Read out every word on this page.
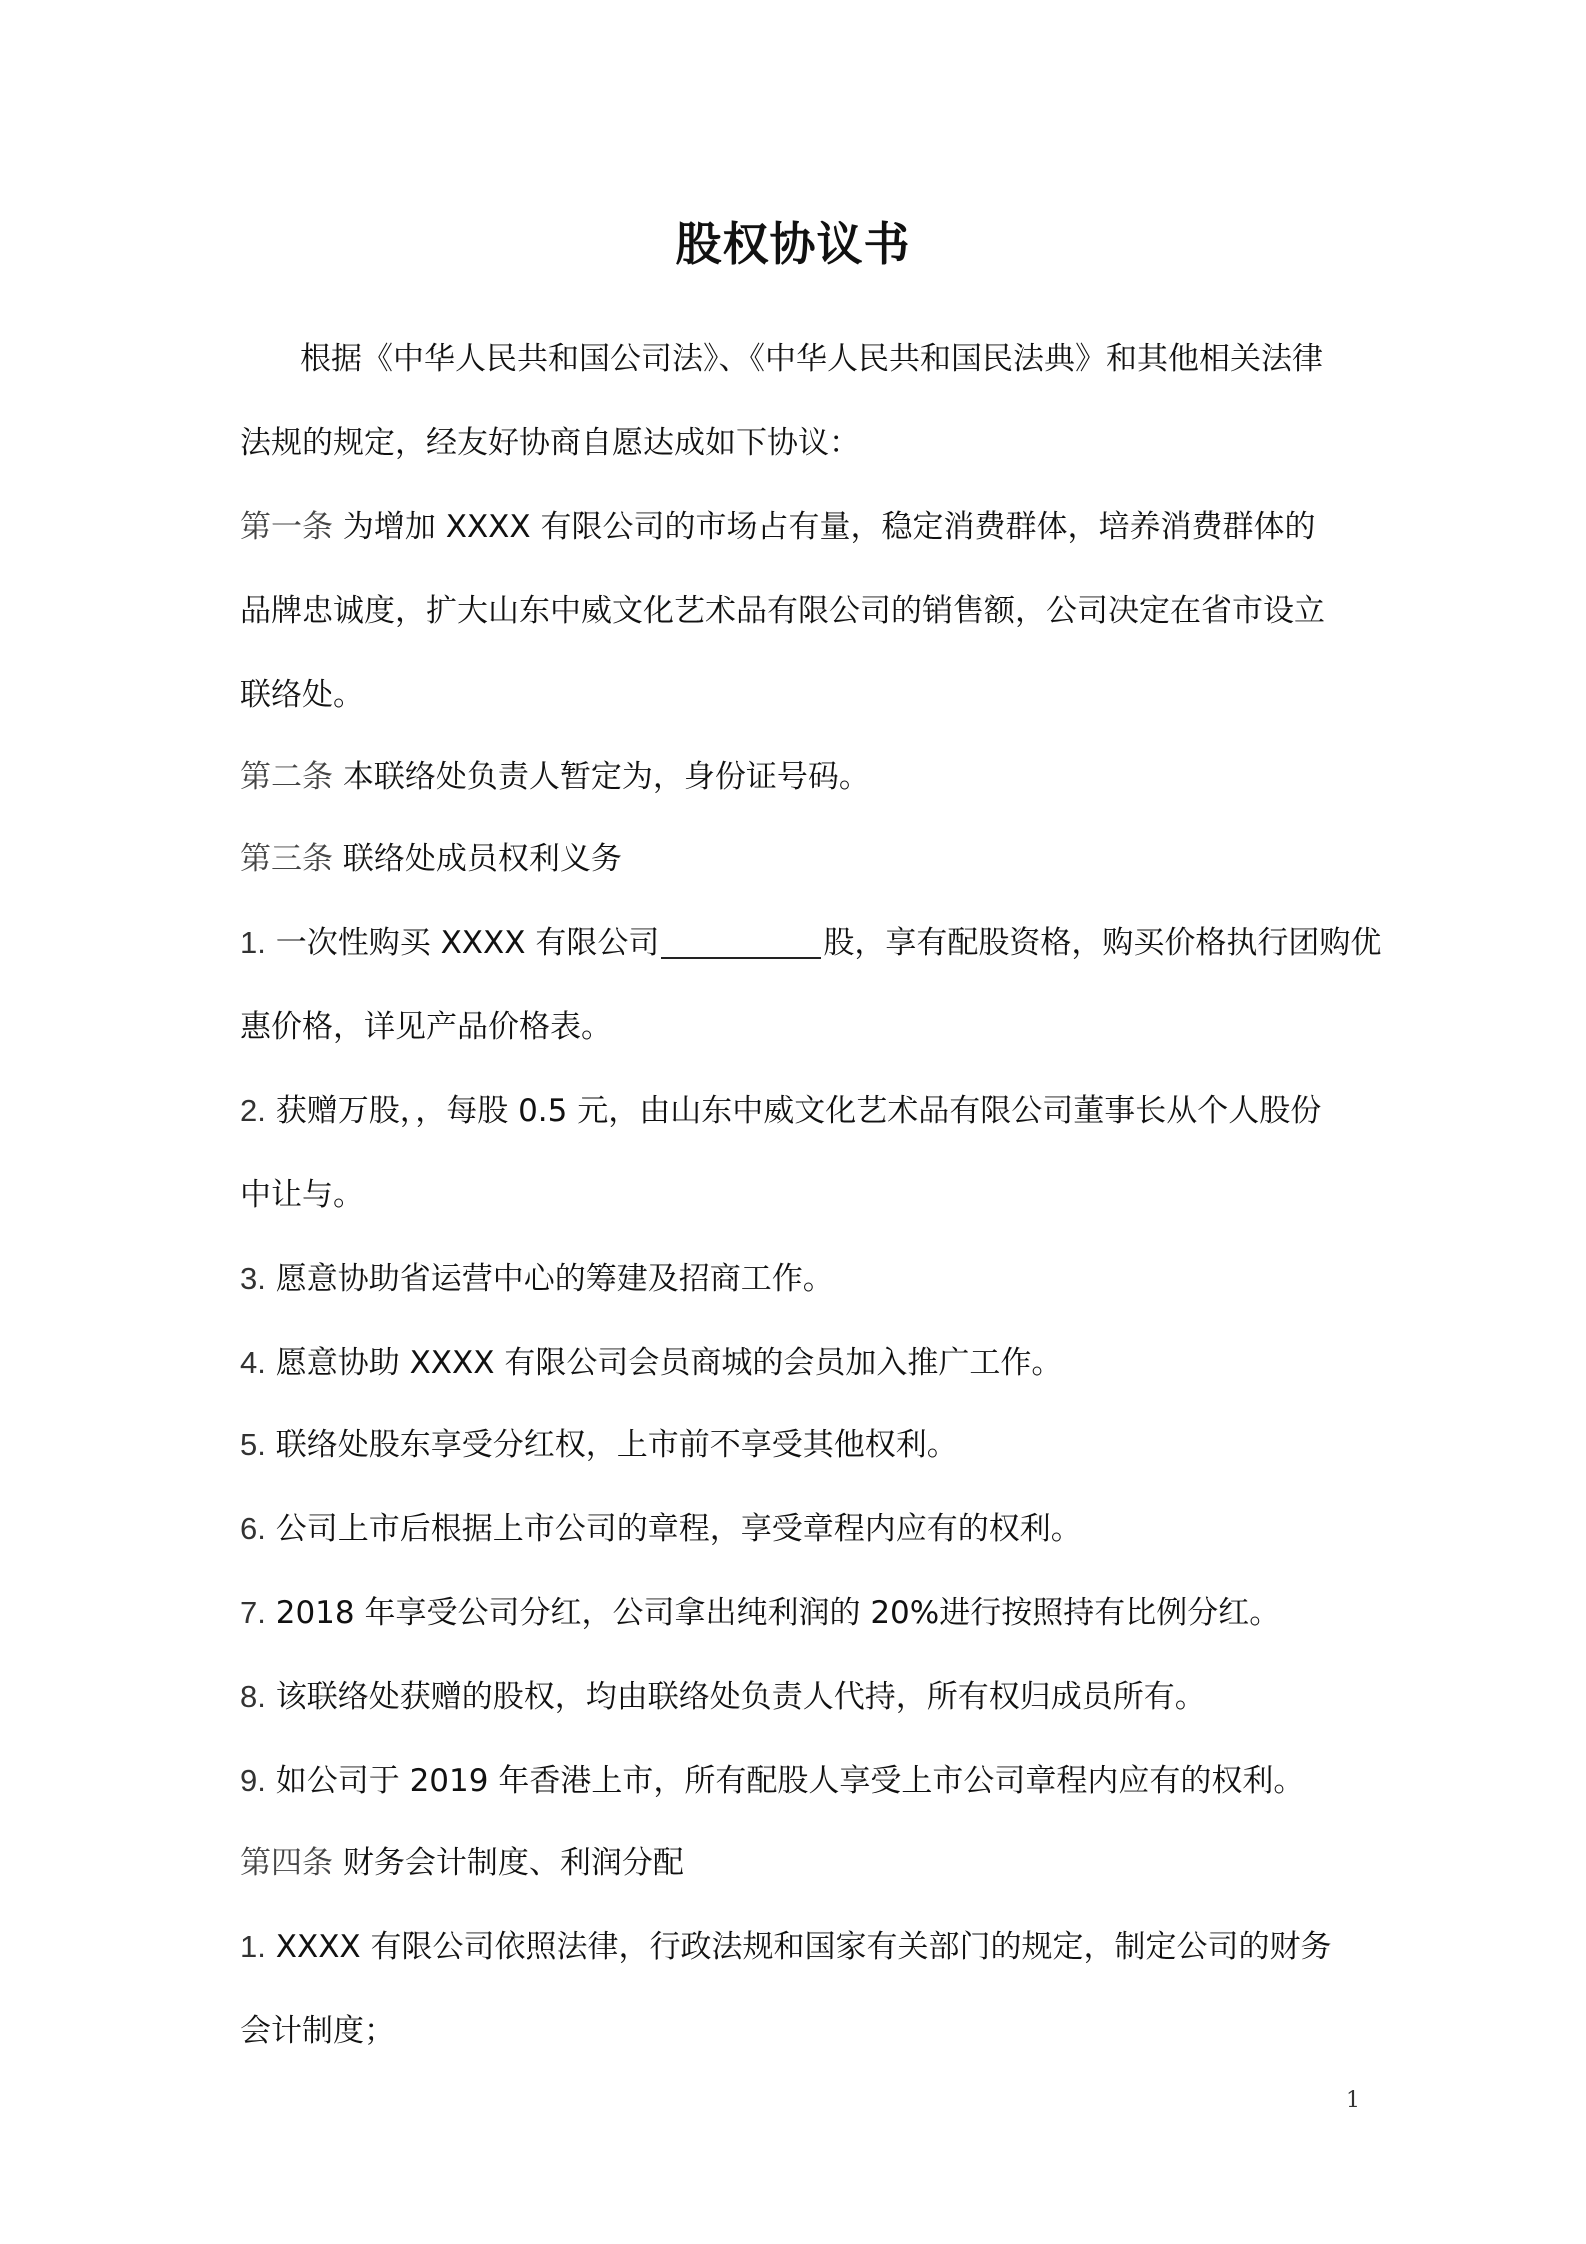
股权协议书
根据《中华人民共和国公司法》、《中华人民共和国民法典》和其他相关法律
法规的规定，经友好协商自愿达成如下协议：
第一条 为增加 XXXX 有限公司的市场占有量，稳定消费群体，培养消费群体的
品牌忠诚度，扩大山东中威文化艺术品有限公司的销售额，公司决定在省市设立
联络处。
第二条 本联络处负责人暂定为，身份证号码。
第三条 联络处成员权利义务
1. 一次性购买 XXXX 有限公司	股，享有配股资格，购买价格执行团购优
惠价格，详见产品价格表。
2. 获赠万股，，每股 0.5 元，由山东中威文化艺术品有限公司董事长从个人股份
中让与。
3. 愿意协助省运营中心的筹建及招商工作。
4. 愿意协助 XXXX 有限公司会员商城的会员加入推广工作。
5. 联络处股东享受分红权，上市前不享受其他权利。
6. 公司上市后根据上市公司的章程，享受章程内应有的权利。
7. 2018 年享受公司分红，公司拿出纯利润的 20%进行按照持有比例分红。
8. 该联络处获赠的股权，均由联络处负责人代持，所有权归成员所有。
9. 如公司于 2019 年香港上市，所有配股人享受上市公司章程内应有的权利。
第四条 财务会计制度、利润分配
1. XXXX 有限公司依照法律，行政法规和国家有关部门的规定，制定公司的财务
会计制度；
1
